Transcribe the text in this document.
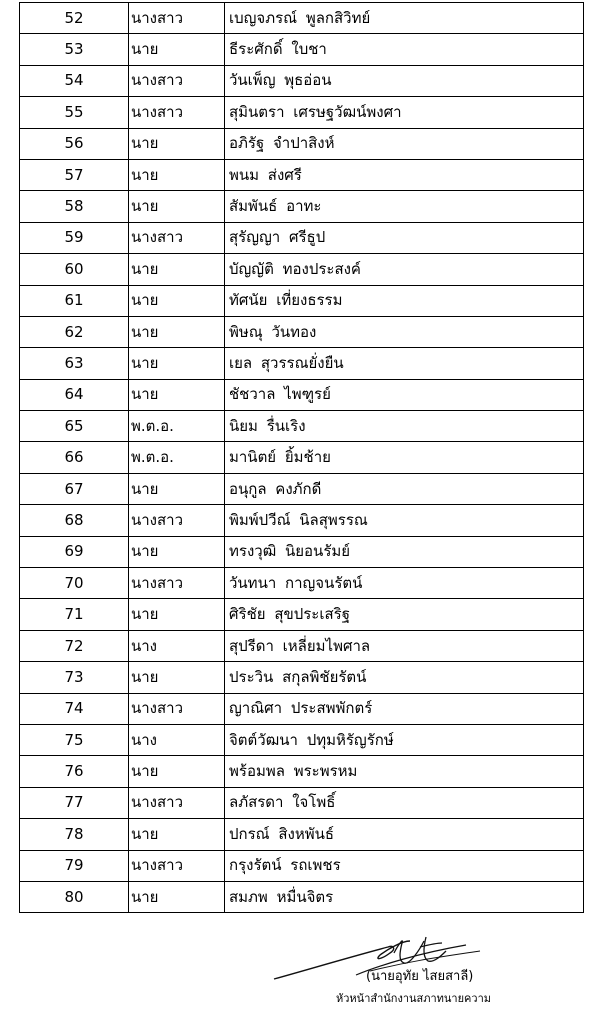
52	นางสาว	เบญจภรณ์ พูลกสิวิทย์
53	นาย	ธีระศักดิ์ ใบชา
54	นางสาว	วันเพ็ญ พุธอ่อน
55	นางสาว	สุมินตรา เศรษฐวัฒน์พงศา
56	นาย	อภิรัฐ จำปาสิงห์
57	นาย	พนม ส่งศรี
58	นาย	สัมพันธ์ อาทะ
59	นางสาว	สุรัญญา ศรีธูป
60	นาย	บัญญัติ ทองประสงค์
61	นาย	ทัศนัย เที่ยงธรรม
62	นาย	พิษณุ วันทอง
63	นาย	เยล สุวรรณยั่งยืน
64	นาย	ชัชวาล ไพฑูรย์
65	พ.ต.อ.	นิยม รื่นเริง
66	พ.ต.อ.	มานิตย์ ยิ้มช้าย
67	นาย	อนุกูล คงภักดี
68	นางสาว	พิมพ์ปวีณ์ นิลสุพรรณ
69	นาย	ทรงวุฒิ นิยอนรัมย์
70	นางสาว	วันทนา กาญจนรัตน์
71	นาย	ศิริชัย สุขประเสริฐ
72	นาง	สุปรีดา เหลี่ยมไพศาล
73	นาย	ประวิน สกุลพิชัยรัตน์
74	นางสาว	ญาณิศา ประสพพักตร์
75	นาง	จิตต์วัฒนา ปทุมหิรัญรักษ์
76	นาย	พร้อมพล พระพรหม
77	นางสาว	ลภัสรดา ใจโพธิ์
78	นาย	ปกรณ์ สิงหพันธ์
79	นางสาว	กรุงรัตน์ รถเพชร
80	นาย	สมภพ หมื่นจิตร
(นายอุทัย ไสยสาลี)
หัวหน้าสำนักงานสภาทนายความ
